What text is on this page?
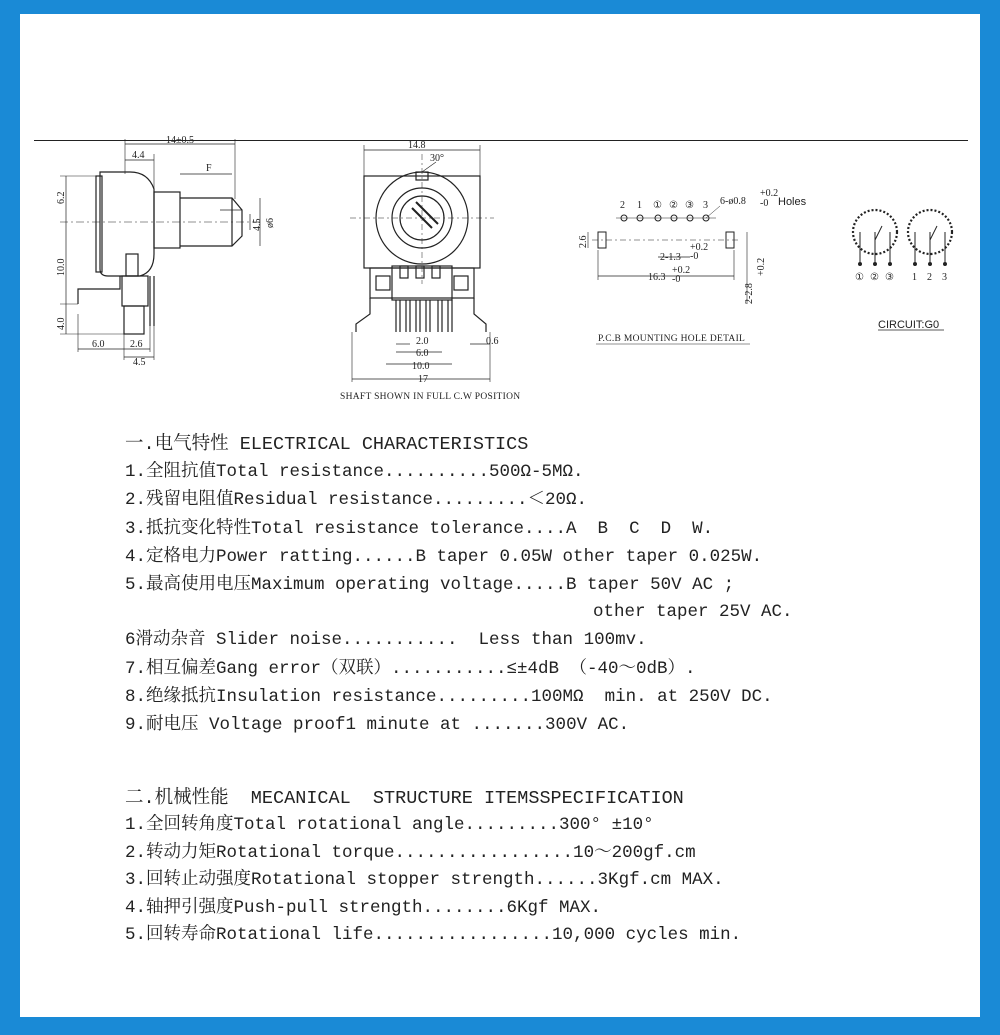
14±0.5
4.4
F
6.2
ø6
4.5
10.0
4.0
6.0	2.6
4.5
14.8
30°
2.0	0.6
6.0
10.0
17
SHAFT SHOWN IN FULL C.W POSITION
2 1 ① ② ③ 3 6-ø0.8
+0.2
-0 Holes
2.6
2-1.3
+0.2
-0
16.3
+0.2
-0
2-2.8
+0.2
P.C.B MOUNTING HOLE DETAIL
① ② ③ 1 2 3
CIRCUIT:G0

一.电气特性 ELECTRICAL CHARACTERISTICS

1.全阻抗值Total resistance..........500Ω-5MΩ.

2.残留电阻值Residual resistance.........＜20Ω.

3.抵抗变化特性Total resistance tolerance....A  B  C  D  W.

4.定格电力Power ratting......B taper 0.05W other taper 0.025W.

5.最高使用电压Maximum operating voltage.....B taper 50V AC ;

other taper 25V AC.

6滑动杂音 Slider noise...........  Less than 100mv.

7.相互偏差Gang error（双联）...........≤±4dB （-40～0dB）.

8.绝缘抵抗Insulation resistance.........100MΩ  min. at 250V DC.

9.耐电压 Voltage proof1 minute at .......300V AC.

二.机械性能  MECANICAL  STRUCTURE ITEMSSPECIFICATION

1.全回转角度Total rotational angle.........300° ±10°

2.转动力矩Rotational torque.................10～200gf.cm

3.回转止动强度Rotational stopper strength......3Kgf.cm MAX.

4.轴押引强度Push-pull strength........6Kgf MAX.

5.回转寿命Rotational life.................10,000 cycles min.
